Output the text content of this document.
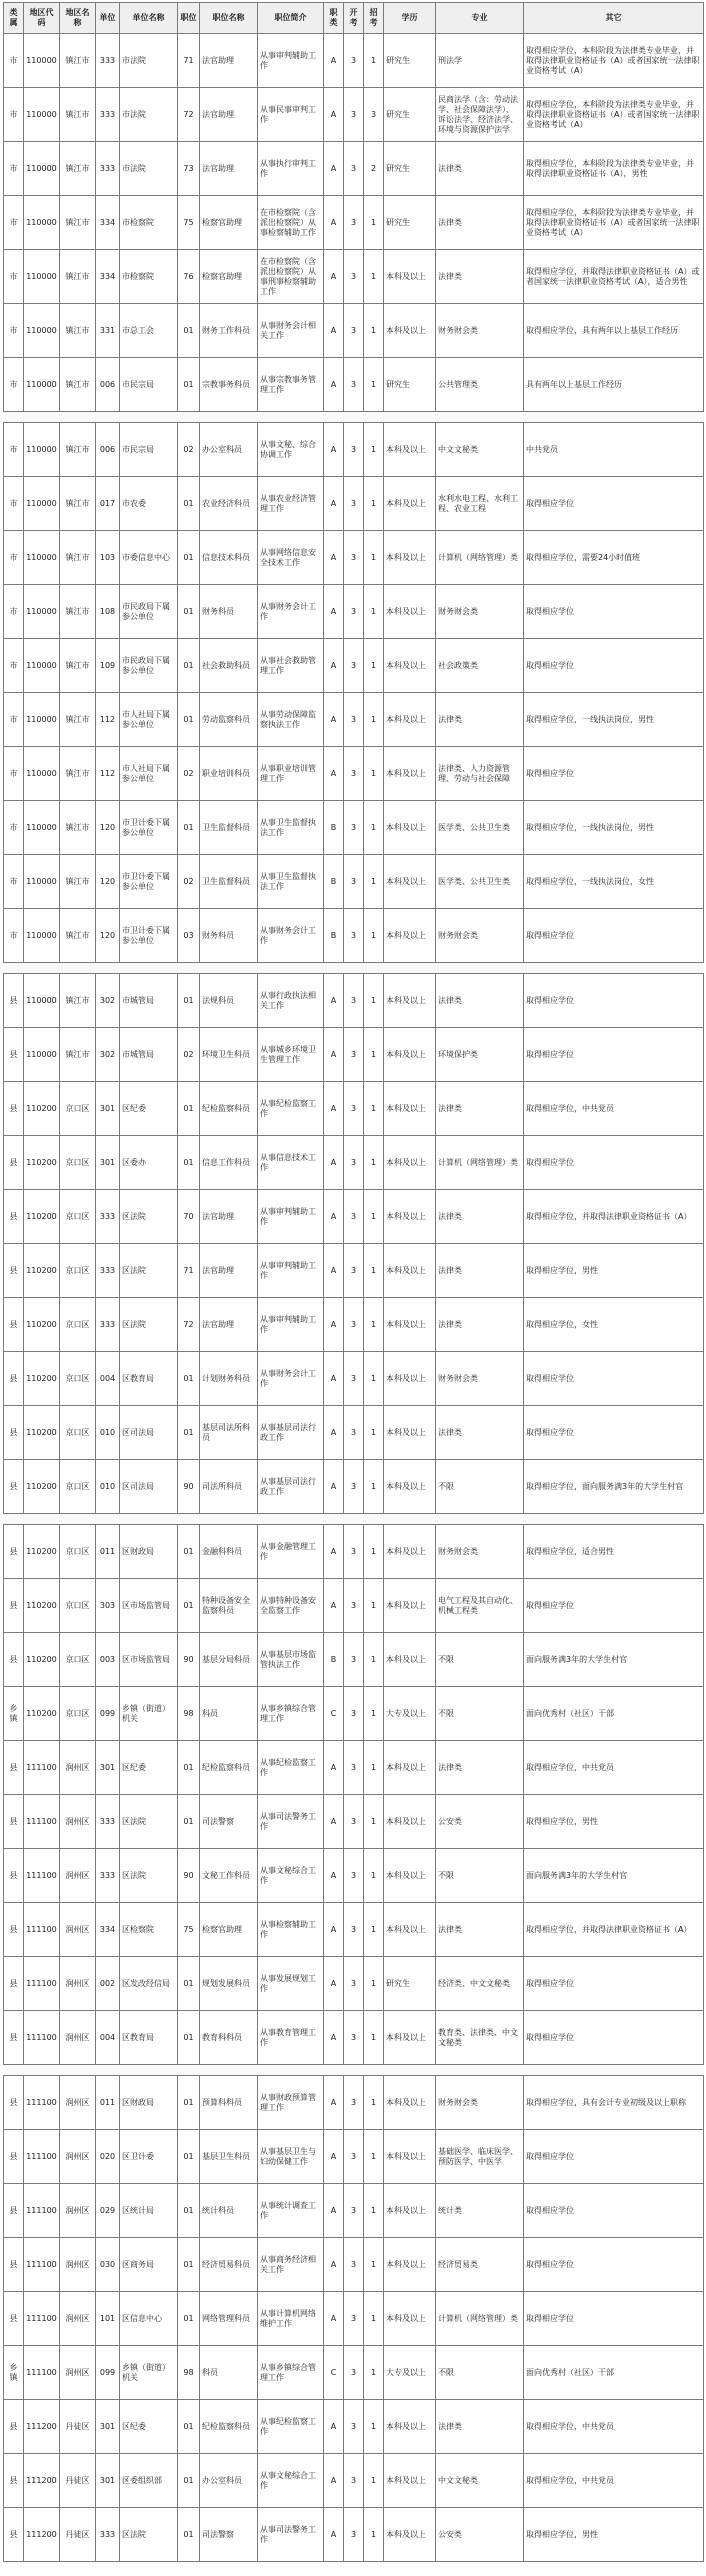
类属	地区代码	地区名称	单位	单位名称	职位	职位名称	职位简介	职类	开考	招考	学历	专业	其它
市	110000	镇江市	333	市法院	71	法官助理	从事审判辅助工作	A	3	1	研究生	刑法学	取得相应学位，本科阶段为法律类专业毕业，并取得法律职业资格证书（A）或者国家统一法律职业资格考试（A）
市	110000	镇江市	333	市法院	72	法官助理	从事民事审判工作	A	3	3	研究生	民商法学（含：劳动法学、社会保障法学）、诉讼法学、经济法学、环境与资源保护法学	取得相应学位，本科阶段为法律类专业毕业，并取得法律职业资格证书（A）或者国家统一法律职业资格考试（A）
市	110000	镇江市	333	市法院	73	法官助理	从事执行审判工作	A	3	2	研究生	法律类	取得相应学位，本科阶段为法律类专业毕业，并取得法律职业资格证书（A），男性
市	110000	镇江市	334	市检察院	75	检察官助理	在市检察院（含派出检察院）从事检察辅助工作	A	3	1	研究生	法律类	取得相应学位，本科阶段为法律类专业毕业，并取得法律职业资格证书（A）或者国家统一法律职业资格考试（A）
市	110000	镇江市	334	市检察院	76	检察官助理	在市检察院（含派出检察院）从事刑事检察辅助工作	A	3	1	本科及以上	法律类	取得相应学位，并取得法律职业资格证书（A）或者国家统一法律职业资格考试（A），适合男性
市	110000	镇江市	331	市总工会	01	财务工作科员	从事财务会计相关工作	A	3	1	本科及以上	财务财会类	取得相应学位，具有两年以上基层工作经历
市	110000	镇江市	006	市民宗局	01	宗教事务科员	从事宗教事务管理工作	A	3	1	研究生	公共管理类	具有两年以上基层工作经历

市	110000	镇江市	006	市民宗局	02	办公室科员	从事文秘、综合协调工作	A	3	1	本科及以上	中文文秘类	中共党员
市	110000	镇江市	017	市农委	01	农业经济科员	从事农业经济管理工作	A	3	1	本科及以上	水利水电工程、水利工程、农业工程	取得相应学位
市	110000	镇江市	103	市委信息中心	01	信息技术科员	从事网络信息安全技术工作	A	3	1	本科及以上	计算机（网络管理）类	取得相应学位，需要24小时值班
市	110000	镇江市	108	市民政局下属参公单位	01	财务科员	从事财务会计工作	A	3	1	本科及以上	财务财会类	取得相应学位
市	110000	镇江市	109	市民政局下属参公单位	01	社会救助科员	从事社会救助管理工作	A	3	1	本科及以上	社会政策类	取得相应学位
市	110000	镇江市	112	市人社局下属参公单位	01	劳动监察科员	从事劳动保障监察执法工作	A	3	1	本科及以上	法律类	取得相应学位，一线执法岗位，男性
市	110000	镇江市	112	市人社局下属参公单位	02	职业培训科员	从事职业培训管理工作	A	3	1	本科及以上	法律类、人力资源管理、劳动与社会保障	取得相应学位
市	110000	镇江市	120	市卫计委下属参公单位	01	卫生监督科员	从事卫生监督执法工作	B	3	1	本科及以上	医学类、公共卫生类	取得相应学位，一线执法岗位，男性
市	110000	镇江市	120	市卫计委下属参公单位	02	卫生监督科员	从事卫生监督执法工作	B	3	1	本科及以上	医学类、公共卫生类	取得相应学位，一线执法岗位，女性
市	110000	镇江市	120	市卫计委下属参公单位	03	财务科员	从事财务会计工作	B	3	1	本科及以上	财务财会类	取得相应学位

县	110000	镇江市	302	市城管局	01	法规科员	从事行政执法相关工作	A	3	1	本科及以上	法律类	取得相应学位
县	110000	镇江市	302	市城管局	02	环境卫生科员	从事城乡环境卫生管理工作	A	3	1	本科及以上	环境保护类	取得相应学位
县	110200	京口区	301	区纪委	01	纪检监察科员	从事纪检监察工作	A	3	1	本科及以上	法律类	取得相应学位，中共党员
县	110200	京口区	301	区委办	01	信息工作科员	从事信息技术工作	A	3	1	本科及以上	计算机（网络管理）类	取得相应学位
县	110200	京口区	333	区法院	70	法官助理	从事审判辅助工作	A	3	1	本科及以上	法律类	取得相应学位，并取得法律职业资格证书（A）
县	110200	京口区	333	区法院	71	法官助理	从事审判辅助工作	A	3	1	本科及以上	法律类	取得相应学位，男性
县	110200	京口区	333	区法院	72	法官助理	从事审判辅助工作	A	3	1	本科及以上	法律类	取得相应学位，女性
县	110200	京口区	004	区教育局	01	计划财务科员	从事财务会计工作	A	3	1	本科及以上	财务财会类	取得相应学位
县	110200	京口区	010	区司法局	01	基层司法所科员	从事基层司法行政工作	A	3	1	本科及以上	法律类	取得相应学位
县	110200	京口区	010	区司法局	90	司法所科员	从事基层司法行政工作	A	3	1	本科及以上	不限	取得相应学位，面向服务满3年的大学生村官

县	110200	京口区	011	区财政局	01	金融科科员	从事金融管理工作	A	3	1	本科及以上	财务财会类	取得相应学位，适合男性
县	110200	京口区	303	区市场监管局	01	特种设备安全监察科员	从事特种设备安全监察工作	A	3	1	本科及以上	电气工程及其自动化、机械工程类	取得相应学位
县	110200	京口区	003	区市场监管局	90	基层分局科员	从事基层市场监管执法工作	B	3	1	本科及以上	不限	面向服务满3年的大学生村官
乡镇	110200	京口区	099	乡镇（街道）机关	98	科员	从事乡镇综合管理工作	C	3	1	大专及以上	不限	面向优秀村（社区）干部
县	111100	润州区	301	区纪委	01	纪检监察科员	从事纪检监察工作	A	3	1	本科及以上	法律类	取得相应学位，中共党员
县	111100	润州区	333	区法院	01	司法警察	从事司法警务工作	A	3	1	本科及以上	公安类	取得相应学位，男性
县	111100	润州区	333	区法院	90	文秘工作科员	从事文秘综合工作	A	3	1	本科及以上	不限	面向服务满3年的大学生村官
县	111100	润州区	334	区检察院	75	检察官助理	从事检察辅助工作	A	3	1	本科及以上	法律类	取得相应学位，并取得法律职业资格证书（A）
县	111100	润州区	002	区发改经信局	01	规划发展科员	从事发展规划工作	A	3	1	研究生	经济类、中文文秘类	取得相应学位
县	111100	润州区	004	区教育局	01	教育科科员	从事教育管理工作	A	3	1	本科及以上	教育类、法律类、中文文秘类	取得相应学位

县	111100	润州区	011	区财政局	01	预算科科员	从事财政预算管理工作	A	3	1	本科及以上	财务财会类	取得相应学位，具有会计专业初级及以上职称
县	111100	润州区	020	区卫计委	01	基层卫生科员	从事基层卫生与妇幼保健工作	A	3	1	本科及以上	基础医学、临床医学、预防医学、中医学	取得相应学位
县	111100	润州区	029	区统计局	01	统计科员	从事统计调查工作	A	3	1	本科及以上	统计类	取得相应学位
县	111100	润州区	030	区商务局	01	经济贸易科员	从事商务经济相关工作	A	3	1	本科及以上	经济贸易类	取得相应学位
县	111100	润州区	101	区信息中心	01	网络管理科员	从事计算机网络维护工作	A	3	1	本科及以上	计算机（网络管理）类	取得相应学位
乡镇	111100	润州区	099	乡镇（街道）机关	98	科员	从事乡镇综合管理工作	C	3	1	大专及以上	不限	面向优秀村（社区）干部
县	111200	丹徒区	301	区纪委	01	纪检监察科员	从事纪检监察工作	A	3	1	本科及以上	法律类	取得相应学位，中共党员
县	111200	丹徒区	301	区委组织部	01	办公室科员	从事文秘综合工作	A	3	1	本科及以上	中文文秘类	取得相应学位，中共党员
县	111200	丹徒区	333	区法院	01	司法警察	从事司法警务工作	A	3	1	本科及以上	公安类	取得相应学位，男性
